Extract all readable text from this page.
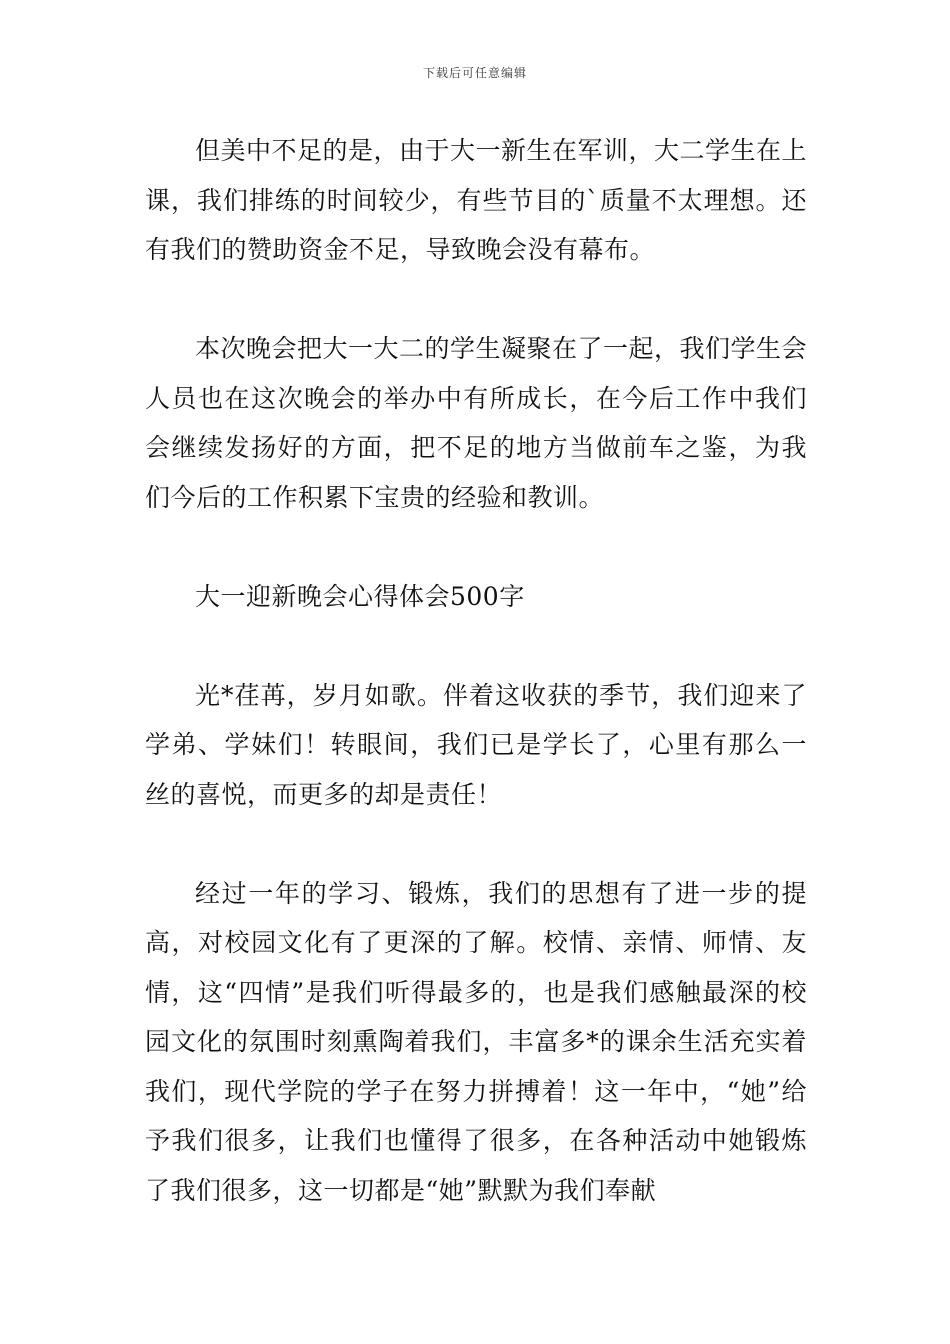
下载后可任意编辑

但美中不足的是，由于大一新生在军训，大二学生在上课，我们排练的时间较少，有些节目的`质量不太理想。还有我们的赞助资金不足，导致晚会没有幕布。

本次晚会把大一大二的学生凝聚在了一起，我们学生会人员也在这次晚会的举办中有所成长，在今后工作中我们会继续发扬好的方面，把不足的地方当做前车之鉴，为我们今后的工作积累下宝贵的经验和教训。

大一迎新晚会心得体会500字

光*荏苒，岁月如歌。伴着这收获的季节，我们迎来了学弟、学妹们！转眼间，我们已是学长了，心里有那么一丝的喜悦，而更多的却是责任！

经过一年的学习、锻炼，我们的思想有了进一步的提高，对校园文化有了更深的了解。校情、亲情、师情、友情，这“四情”是我们听得最多的，也是我们感触最深的校园文化的氛围时刻熏陶着我们，丰富多*的课余生活充实着我们，现代学院的学子在努力拼搏着！这一年中，“她”给予我们很多，让我们也懂得了很多，在各种活动中她锻炼了我们很多，这一切都是“她”默默为我们奉献
